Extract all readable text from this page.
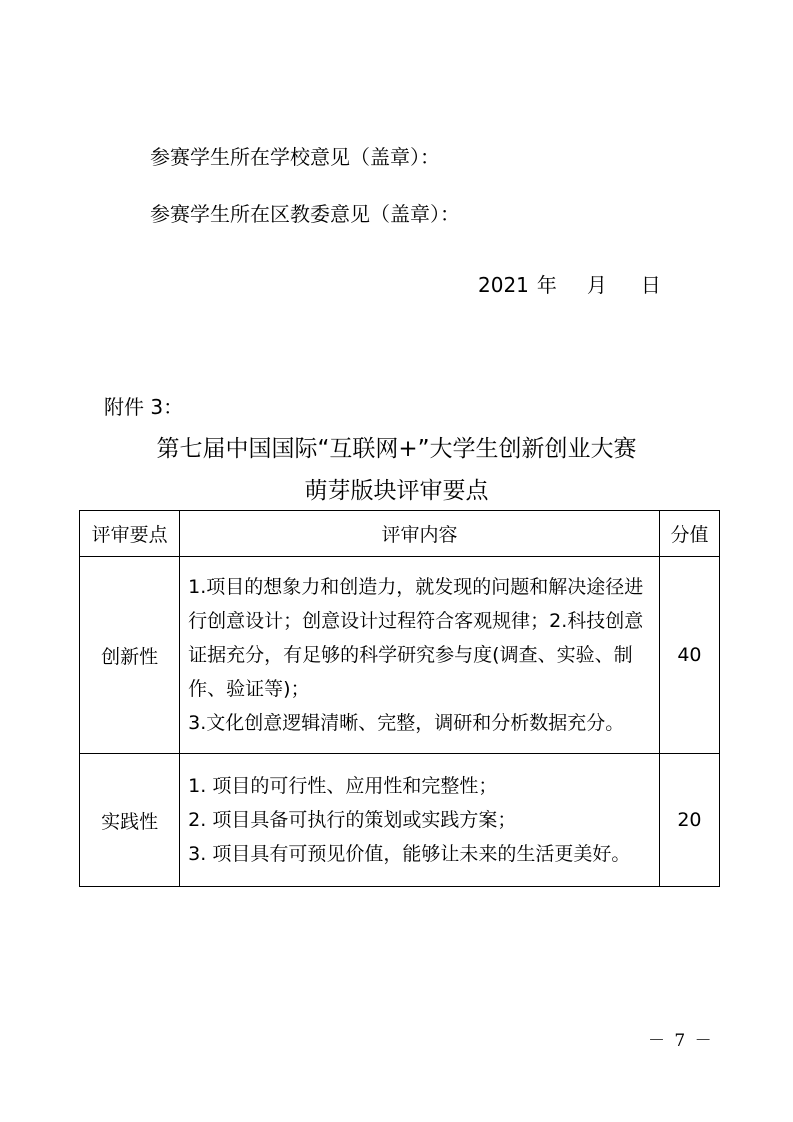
参赛学生所在学校意见（盖章）：
参赛学生所在区教委意见（盖章）：
2021 年 月 日
附件 3：
第七届中国国际“互联网+”大学生创新创业大赛
萌芽版块评审要点
评审要点	评审内容	分值
创新性	1.项目的想象力和创造力，就发现的问题和解决途径进
行创意设计；创意设计过程符合客观规律；2.科技创意
证据充分，有足够的科学研究参与度(调查、实验、制
作、验证等)；
3.文化创意逻辑清晰、完整，调研和分析数据充分。	40
实践性	1. 项目的可行性、应用性和完整性；
2. 项目具备可执行的策划或实践方案；
3. 项目具有可预见价值，能够让未来的生活更美好。	20
－ 7 －
